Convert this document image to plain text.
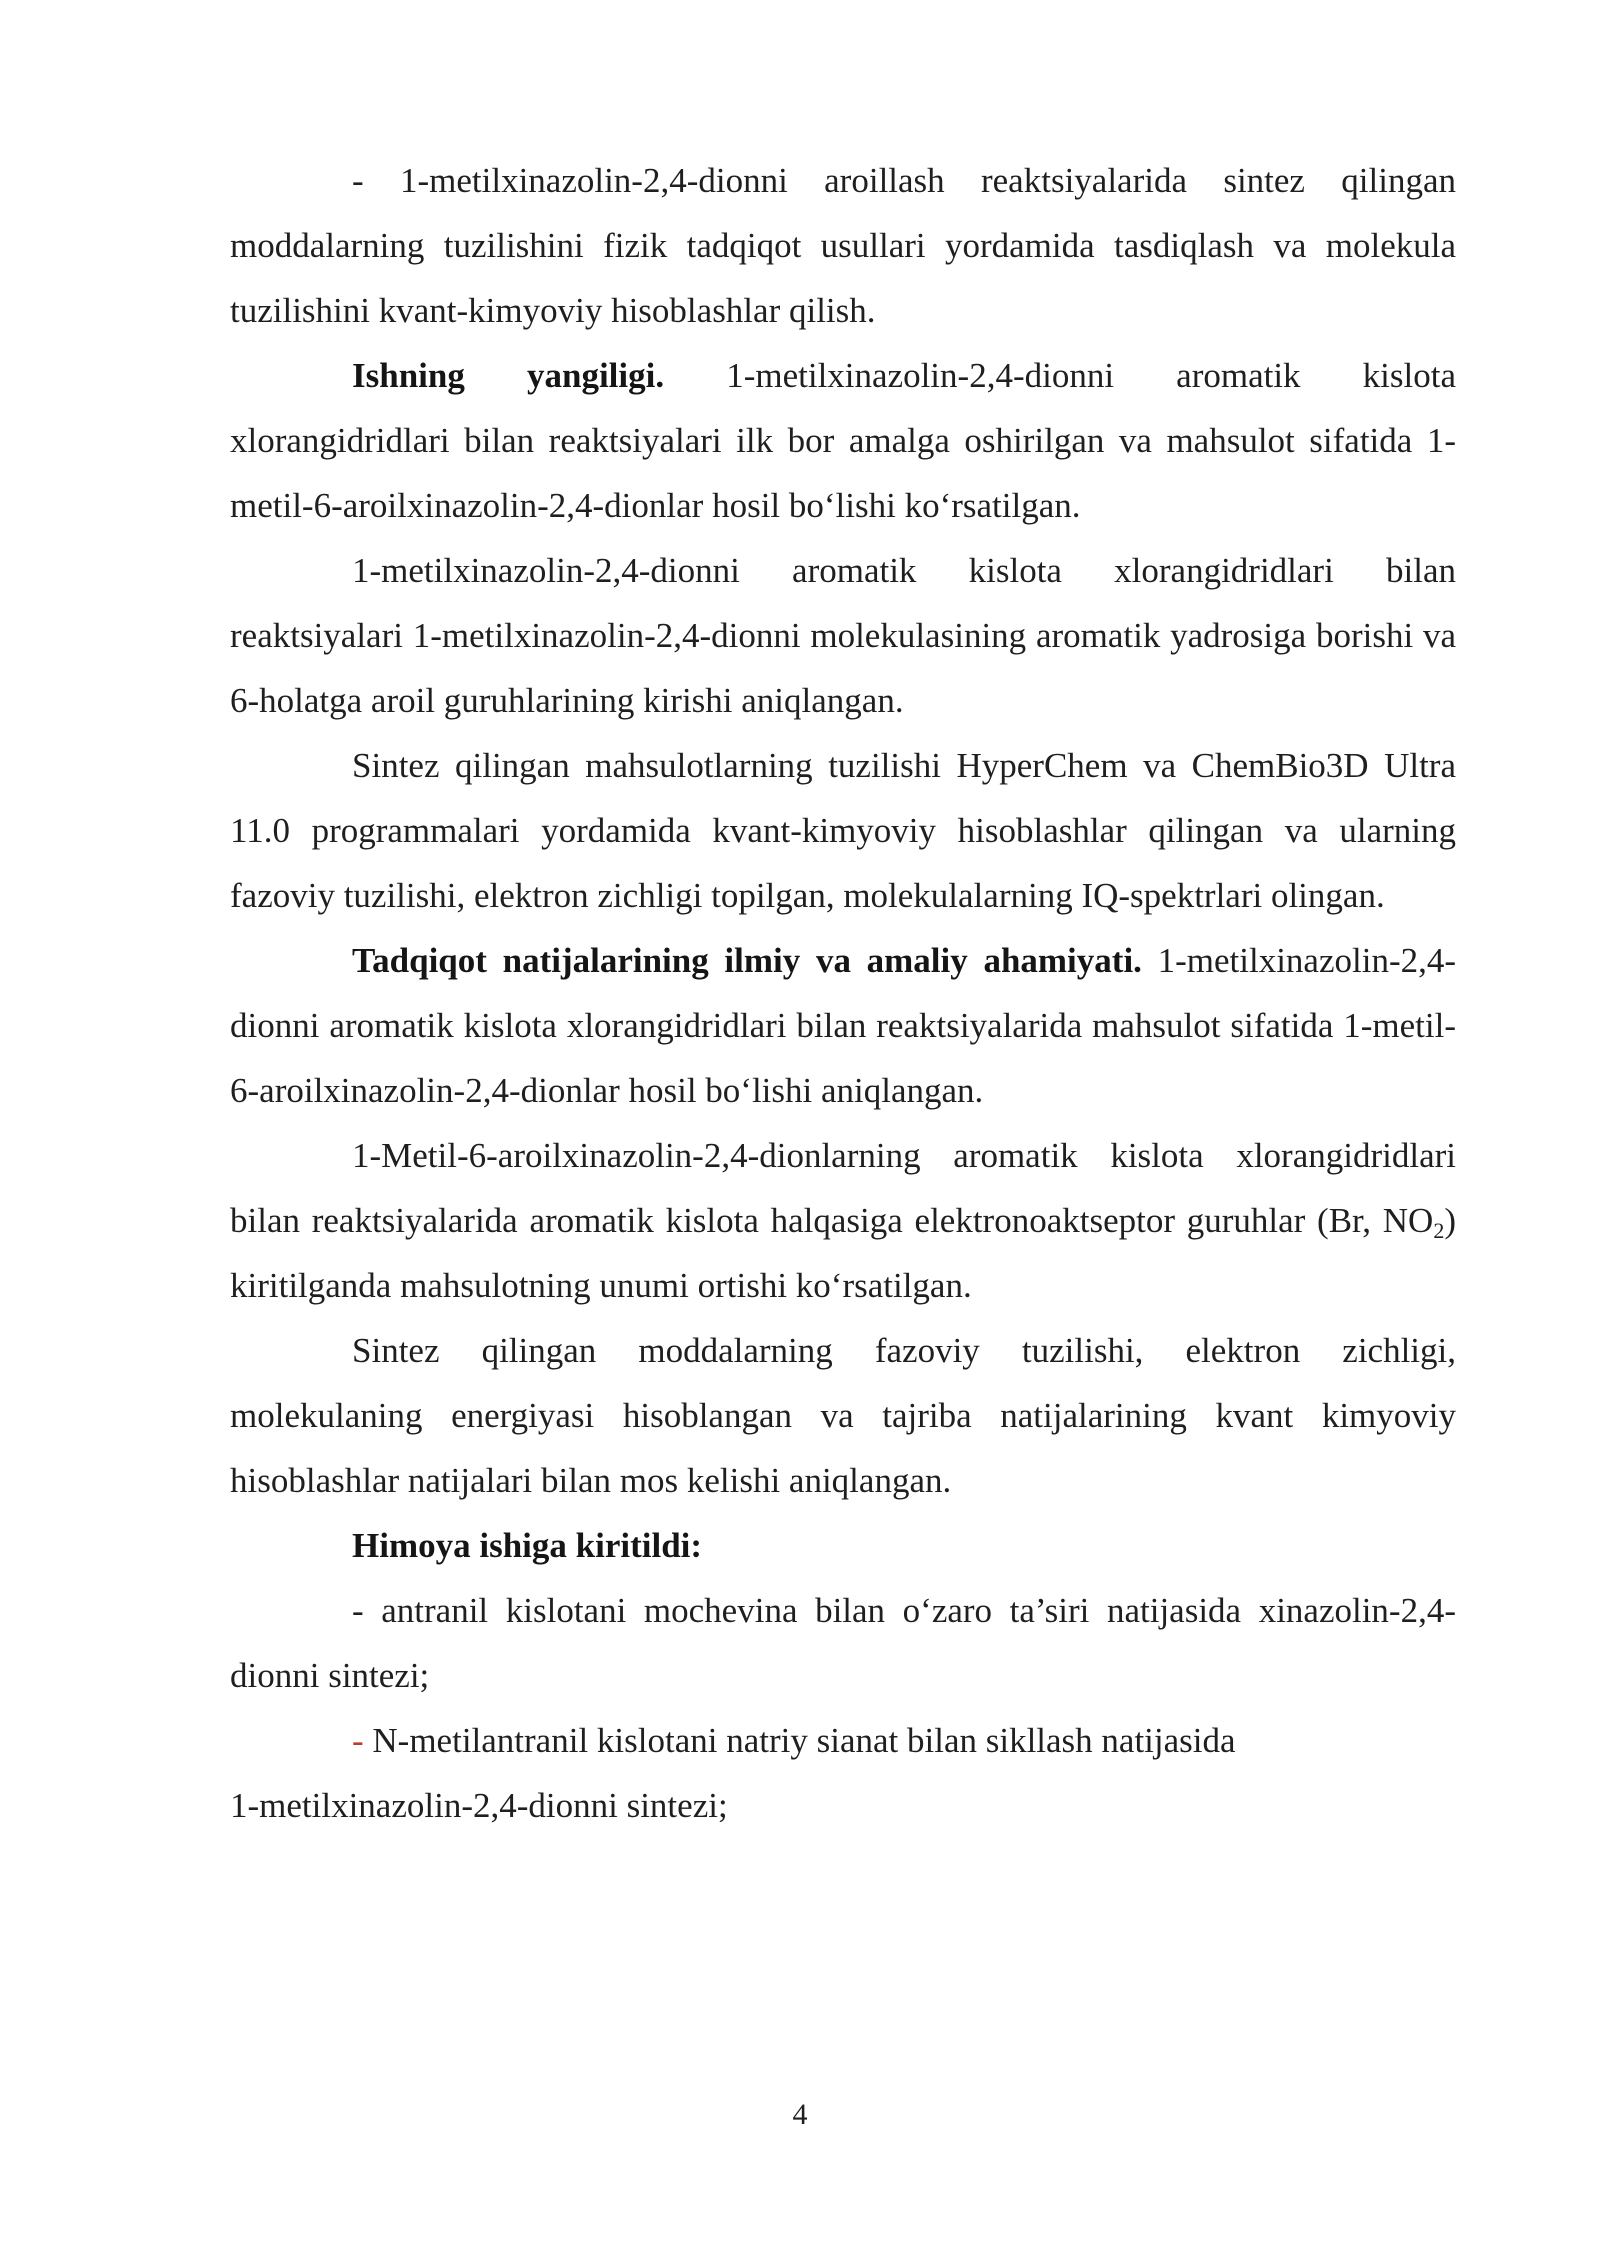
- 1-metilxinazolin-2,4-dionni aroillash reaktsiyalarida sintez qilingan moddalarning tuzilishini fizik tadqiqot usullari yordamida tasdiqlash va molekula tuzilishini kvant-kimyoviy hisoblashlar qilish.

Ishning yangiligi. 1-metilxinazolin-2,4-dionni aromatik kislota xlorangidridlari bilan reaktsiyalari ilk bor amalga oshirilgan va mahsulot sifatida 1-metil-6-aroilxinazolin-2,4-dionlar hosil bo‘lishi ko‘rsatilgan.

1-metilxinazolin-2,4-dionni aromatik kislota xlorangidridlari bilan reaktsiyalari 1-metilxinazolin-2,4-dionni molekulasining aromatik yadrosiga borishi va 6-holatga aroil guruhlarining kirishi aniqlangan.

Sintez qilingan mahsulotlarning tuzilishi HyperChem va ChemBio3D Ultra 11.0 programmalari yordamida kvant-kimyoviy hisoblashlar qilingan va ularning fazoviy tuzilishi, elektron zichligi topilgan, molekulalarning IQ-spektrlari olingan.

Tadqiqot natijalarining ilmiy va amaliy ahamiyati. 1-metilxinazolin-2,4-dionni aromatik kislota xlorangidridlari bilan reaktsiyalarida mahsulot sifatida 1-metil-6-aroilxinazolin-2,4-dionlar hosil bo‘lishi aniqlangan.

1-Metil-6-aroilxinazolin-2,4-dionlarning aromatik kislota xlorangidridlari bilan reaktsiyalarida aromatik kislota halqasiga elektronoaktseptor guruhlar (Br, $NO_2$) kiritilganda mahsulotning unumi ortishi ko‘rsatilgan.

Sintez qilingan moddalarning fazoviy tuzilishi, elektron zichligi, molekulaning energiyasi hisoblangan va tajriba natijalarining kvant kimyoviy hisoblashlar natijalari bilan mos kelishi aniqlangan.

Himoya ishiga kiritildi:

- antranil kislotani mochevina bilan o‘zaro ta’siri natijasida xinazolin-2,4-dionni sintezi;

- N-metilantranil kislotani natriy sianat bilan sikllash natijasida
1-metilxinazolin-2,4-dionni sintezi;

4
